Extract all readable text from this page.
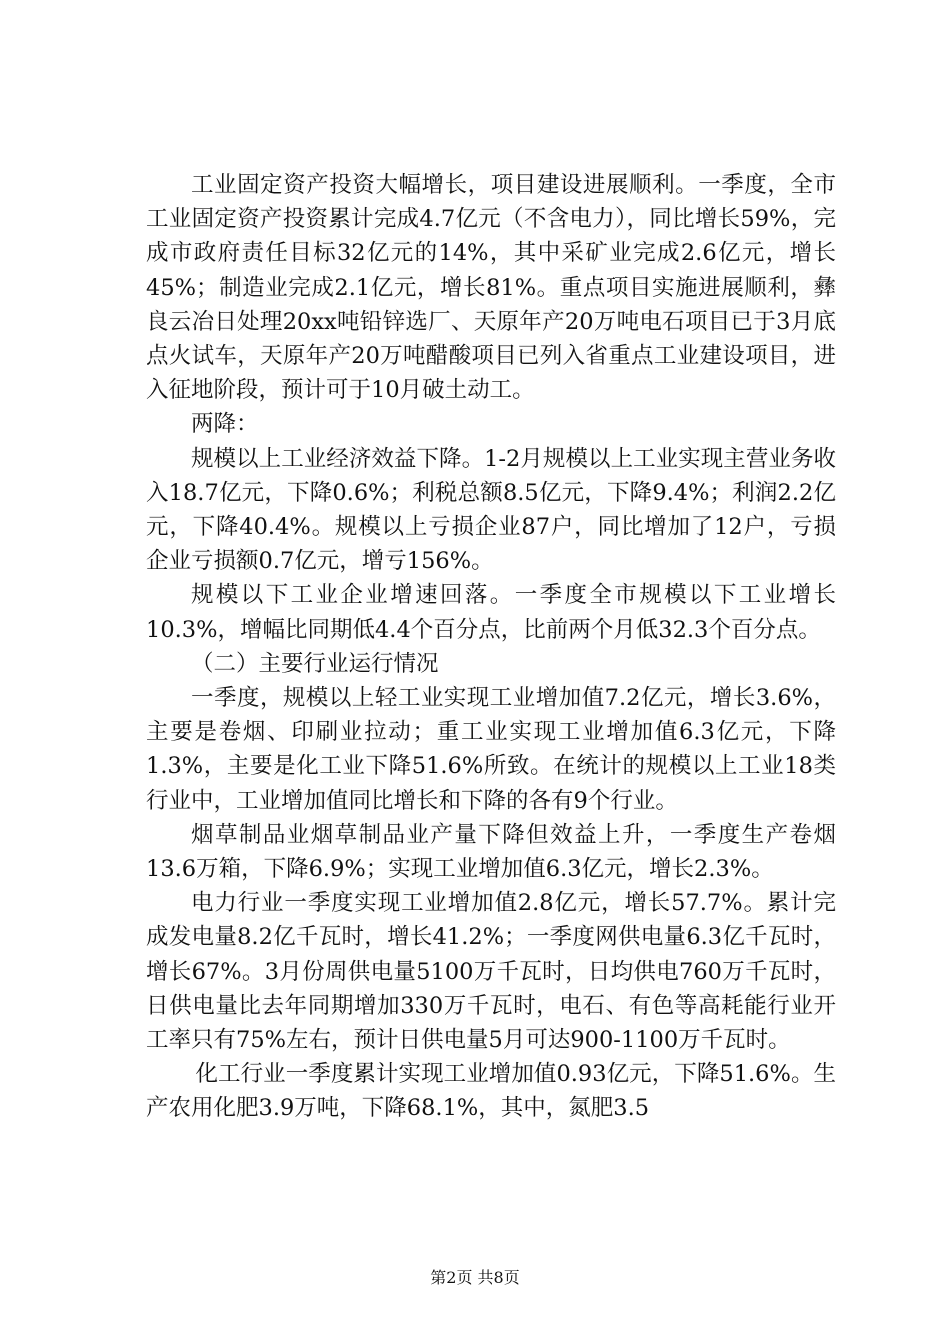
工业固定资产投资大幅增长，项目建设进展顺利。一季度，全市工业固定资产投资累计完成4.7亿元（不含电力），同比增长59%，完成市政府责任目标32亿元的14%，其中采矿业完成2.6亿元，增长45%；制造业完成2.1亿元，增长81%。重点项目实施进展顺利，彝良云冶日处理20xx吨铅锌选厂、天原年产20万吨电石项目已于3月底点火试车，天原年产20万吨醋酸项目已列入省重点工业建设项目，进入征地阶段，预计可于10月破土动工。

两降：

规模以上工业经济效益下降。1-2月规模以上工业实现主营业务收入18.7亿元，下降0.6%；利税总额8.5亿元，下降9.4%；利润2.2亿元，下降40.4%。规模以上亏损企业87户，同比增加了12户，亏损企业亏损额0.7亿元，增亏156%。

规模以下工业企业增速回落。一季度全市规模以下工业增长10.3%，增幅比同期低4.4个百分点，比前两个月低32.3个百分点。

（二）主要行业运行情况

一季度，规模以上轻工业实现工业增加值7.2亿元，增长3.6%，主要是卷烟、印刷业拉动；重工业实现工业增加值6.3亿元，下降1.3%，主要是化工业下降51.6%所致。在统计的规模以上工业18类行业中，工业增加值同比增长和下降的各有9个行业。

烟草制品业烟草制品业产量下降但效益上升，一季度生产卷烟13.6万箱，下降6.9%；实现工业增加值6.3亿元，增长2.3%。

电力行业一季度实现工业增加值2.8亿元，增长57.7%。累计完成发电量8.2亿千瓦时，增长41.2%；一季度网供电量6.3亿千瓦时，增长67%。3月份周供电量5100万千瓦时，日均供电760万千瓦时，日供电量比去年同期增加330万千瓦时，电石、有色等高耗能行业开工率只有75%左右，预计日供电量5月可达900-1100万千瓦时。

化工行业一季度累计实现工业增加值0.93亿元，下降51.6%。生产农用化肥3.9万吨，下降68.1%，其中，氮肥3.5

第2页 共8页
